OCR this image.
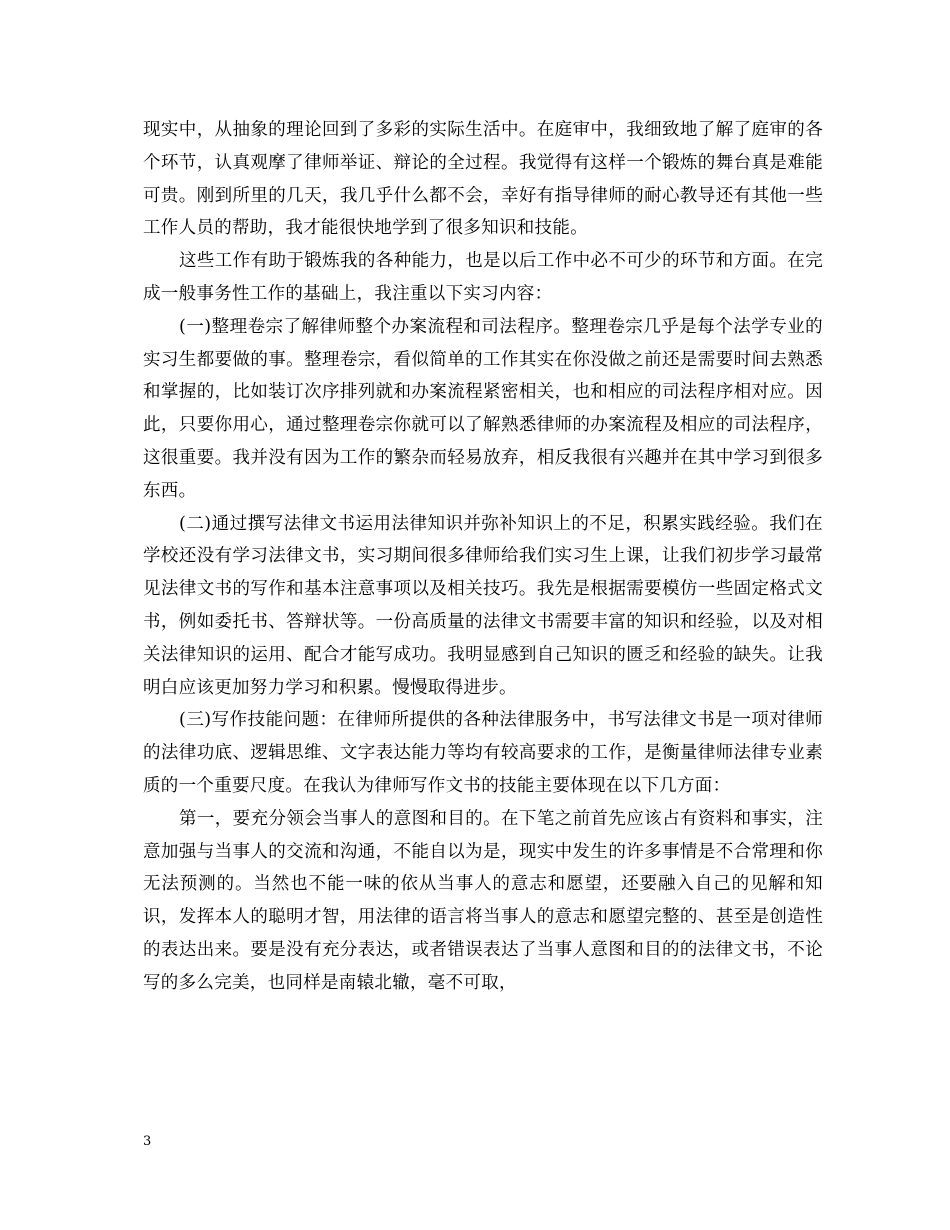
现实中，从抽象的理论回到了多彩的实际生活中。在庭审中，我细致地了解了庭审的各个环节，认真观摩了律师举证、辩论的全过程。我觉得有这样一个锻炼的舞台真是难能可贵。刚到所里的几天，我几乎什么都不会，幸好有指导律师的耐心教导还有其他一些工作人员的帮助，我才能很快地学到了很多知识和技能。

这些工作有助于锻炼我的各种能力，也是以后工作中必不可少的环节和方面。在完成一般事务性工作的基础上，我注重以下实习内容：

(一)整理卷宗了解律师整个办案流程和司法程序。整理卷宗几乎是每个法学专业的实习生都要做的事。整理卷宗，看似简单的工作其实在你没做之前还是需要时间去熟悉和掌握的，比如装订次序排列就和办案流程紧密相关，也和相应的司法程序相对应。因此，只要你用心，通过整理卷宗你就可以了解熟悉律师的办案流程及相应的司法程序，这很重要。我并没有因为工作的繁杂而轻易放弃，相反我很有兴趣并在其中学习到很多东西。

(二)通过撰写法律文书运用法律知识并弥补知识上的不足，积累实践经验。我们在学校还没有学习法律文书，实习期间很多律师给我们实习生上课，让我们初步学习最常见法律文书的写作和基本注意事项以及相关技巧。我先是根据需要模仿一些固定格式文书，例如委托书、答辩状等。一份高质量的法律文书需要丰富的知识和经验，以及对相关法律知识的运用、配合才能写成功。我明显感到自己知识的匮乏和经验的缺失。让我明白应该更加努力学习和积累。慢慢取得进步。

(三)写作技能问题：在律师所提供的各种法律服务中，书写法律文书是一项对律师的法律功底、逻辑思维、文字表达能力等均有较高要求的工作，是衡量律师法律专业素质的一个重要尺度。在我认为律师写作文书的技能主要体现在以下几方面：

第一，要充分领会当事人的意图和目的。在下笔之前首先应该占有资料和事实，注意加强与当事人的交流和沟通，不能自以为是，现实中发生的许多事情是不合常理和你无法预测的。当然也不能一味的依从当事人的意志和愿望，还要融入自己的见解和知识，发挥本人的聪明才智，用法律的语言将当事人的意志和愿望完整的、甚至是创造性的表达出来。要是没有充分表达，或者错误表达了当事人意图和目的的法律文书，不论写的多么完美，也同样是南辕北辙，毫不可取，

3
